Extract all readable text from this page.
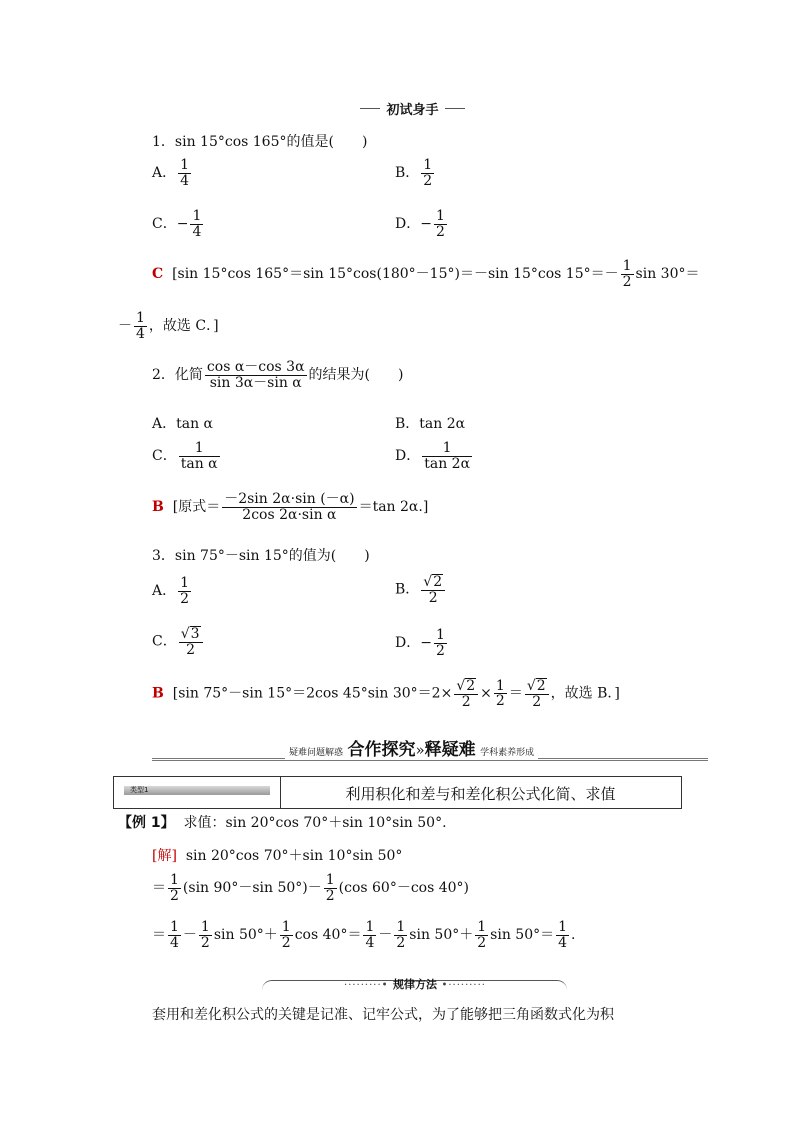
初试身手
1．sin 15°cos 165°的值是(　　)
A． $\frac{1}{4}$	B． $\frac{1}{2}$
C．− $\frac{1}{4}$	D．− $\frac{1}{2}$
C [sin 15°cos 165°＝sin 15°cos(180°－15°)＝－sin 15°cos $15^\circ=- \frac{1}{2}$ sin 30°＝
－ $\frac{1}{4}$ ，故选 C．]
2．化简 $\frac{\text{cos α－cos 3α}}{\text{sin 3α－sin α}}$ 的结果为(　　)
A．tan α	B．tan 2α
C． $\frac{1}{\text{tan α}}$	D． $\frac{1}{\tan 2\alpha}$
B [原式＝ $\frac{-2\sin 2\alpha\cdot\sin (-\alpha)}{\text{2cos 2α·sin α}} =\tan$ 2α.]
3．sin 75°－sin 15°的值为(　　)
A． $\frac{1}{2}$	B． $\frac{√2}{2}$
C． $\frac{√3}{2}$	D．− $\frac{1}{2}$
B [sin 75°－sin 15°＝2cos 45°sin $30^\circ=2\times \frac{√2}{2} \times \frac{1}{2} = \frac{√2}{2}$ ，故选 B．]
疑难问题解惑 合作探究»释疑难 学科素养形成
类型1	利用积化和差与和差化积公式化简、求值
【例 1】 求值：sin 20°cos 70°＋sin 10°sin 50°.
[解] sin 20°cos 70°＋sin 10°sin 50°
＝ $\frac{1}{2} (\sin$ 90°－sin $50^\circ)- \frac{1}{2} (\cos$ 60°－cos 40°)
＝ $\frac{1}{4} - \frac{1}{2}$ $\sin 50^\circ+ \frac{1}{2}$ $\cos 40^\circ= \frac{1}{4} - \frac{1}{2}$ $\sin 50^\circ+ \frac{1}{2}$ $\sin 50^\circ= \frac{1}{4}$ .
·········• 规律方法 •·········
套用和差化积公式的关键是记准、记牢公式，为了能够把三角函数式化为积
